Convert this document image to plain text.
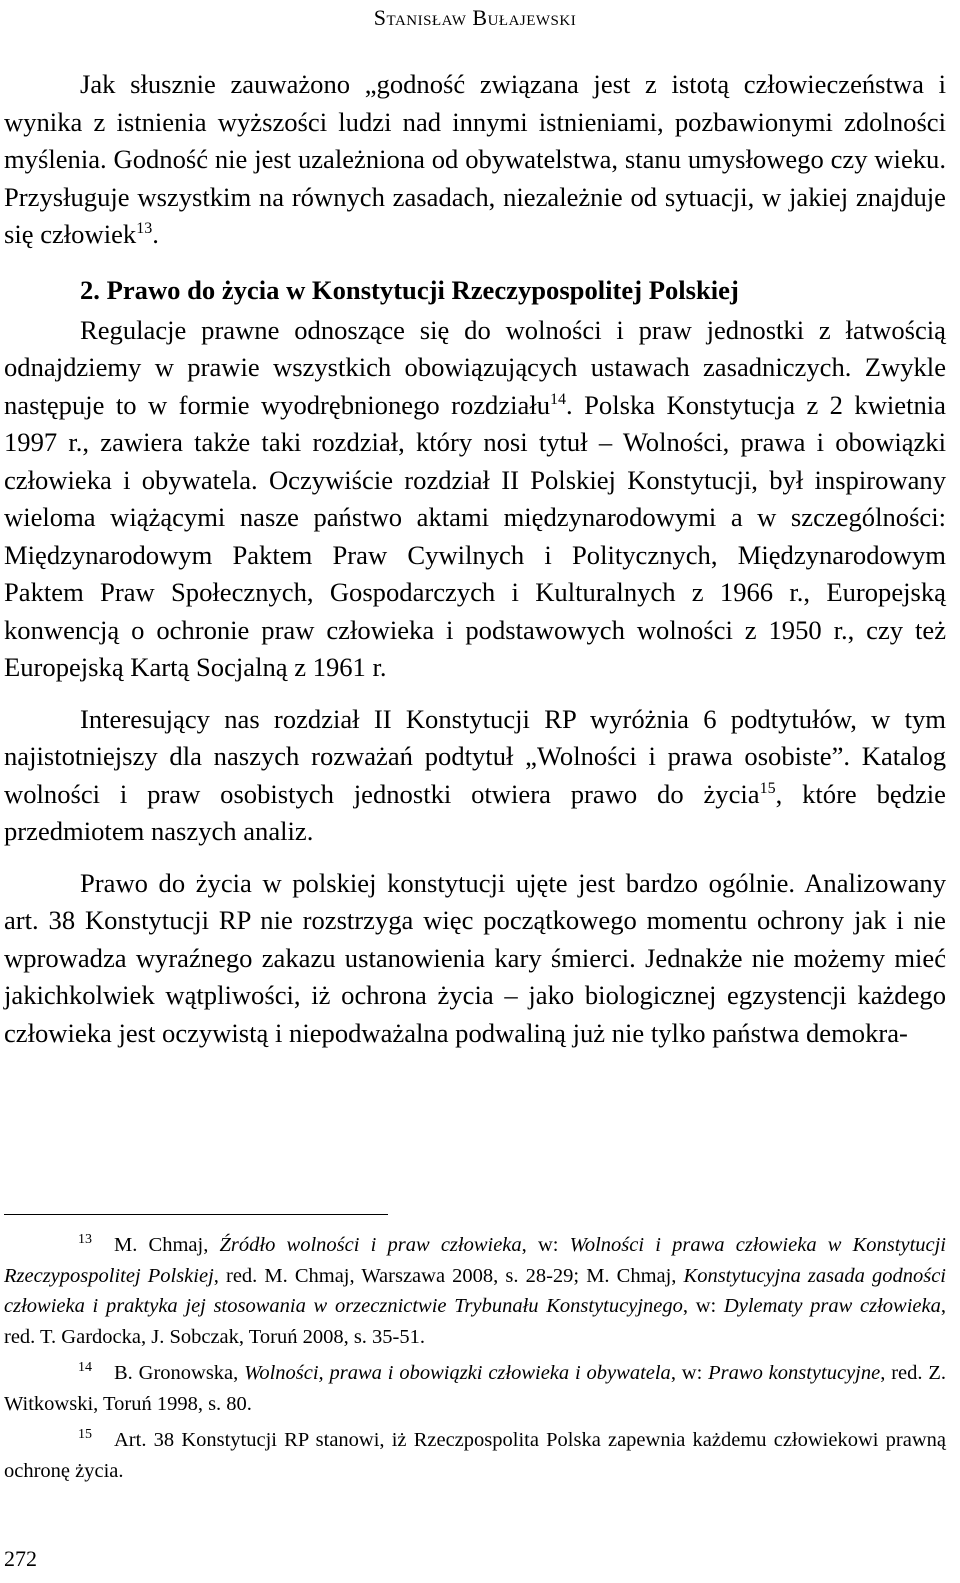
Stanisław Bułajewski

Jak słusznie zauważono „godność związana jest z istotą człowieczeństwa i wynika z istnienia wyższości ludzi nad innymi istnieniami, pozbawionymi zdolności myślenia. Godność nie jest uzależniona od obywatelstwa, stanu umysłowego czy wieku. Przysługuje wszystkim na równych zasadach, niezależnie od sytuacji, w jakiej znajduje się człowiek$^{13}$.

2. Prawo do życia w Konstytucji Rzeczypospolitej Polskiej

Regulacje prawne odnoszące się do wolności i praw jednostki z łatwością odnajdziemy w prawie wszystkich obowiązujących ustawach zasadniczych. Zwykle następuje to w formie wyodrębnionego rozdziału$^{14}$. Polska Konstytucja z 2 kwietnia 1997 r., zawiera także taki rozdział, który nosi tytuł – Wolności, prawa i obowiązki człowieka i obywatela. Oczywiście rozdział II Polskiej Konstytucji, był inspirowany wieloma wiążącymi nasze państwo aktami międzynarodowymi a w szczególności: Międzynarodowym Paktem Praw Cywilnych i Politycznych, Międzynarodowym Paktem Praw Społecznych, Gospodarczych i Kulturalnych z 1966 r., Europejską konwencją o ochronie praw człowieka i podstawowych wolności z 1950 r., czy też Europejską Kartą Socjalną z 1961 r.

Interesujący nas rozdział II Konstytucji RP wyróżnia 6 podtytułów, w tym najistotniejszy dla naszych rozważań podtytuł „Wolności i prawa osobiste”. Katalog wolności i praw osobistych jednostki otwiera prawo do życia$^{15}$, które będzie przedmiotem naszych analiz.

Prawo do życia w polskiej konstytucji ujęte jest bardzo ogólnie. Analizowany art. 38 Konstytucji RP nie rozstrzyga więc początkowego momentu ochrony jak i nie wprowadza wyraźnego zakazu ustanowienia kary śmierci. Jednakże nie możemy mieć jakichkolwiek wątpliwości, iż ochrona życia – jako biologicznej egzystencji każdego człowieka jest oczywistą i niepodważalna podwaliną już nie tylko państwa demokra-

$^{13}$ M. Chmaj, Źródło wolności i praw człowieka, w: Wolności i prawa człowieka w Konstytucji Rzeczypospolitej Polskiej, red. M. Chmaj, Warszawa 2008, s. 28-29; M. Chmaj, Konstytucyjna zasada godności człowieka i praktyka jej stosowania w orzecznictwie Trybunału Konstytucyjnego, w: Dylematy praw człowieka, red. T. Gardocka, J. Sobczak, Toruń 2008, s. 35-51.

$^{14}$ B. Gronowska, Wolności, prawa i obowiązki człowieka i obywatela, w: Prawo konstytucyjne, red. Z. Witkowski, Toruń 1998, s. 80.

$^{15}$ Art. 38 Konstytucji RP stanowi, iż Rzeczpospolita Polska zapewnia każdemu człowiekowi prawną ochronę życia.

272
